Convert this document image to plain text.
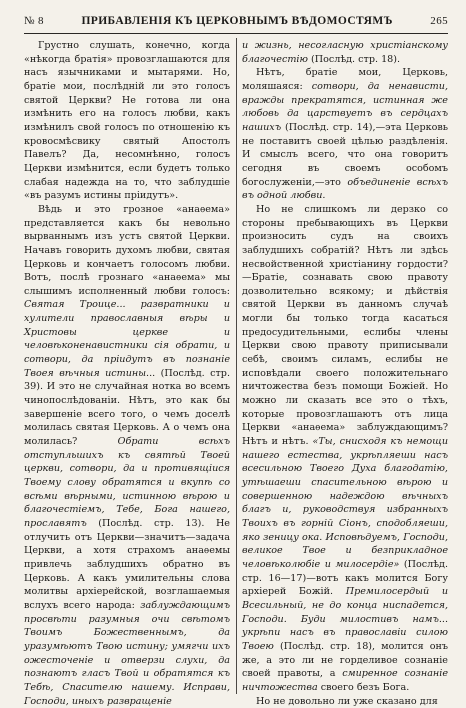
№ 8	ПРИБАВЛЕНІЯ КЪ ЦЕРКОВНЫМЪ ВѢДОМОСТЯМЪ	265

Грустно слушать, конечно, когда «нѣкогда братія» провозглашаются для насъ язычниками и мытарями. Но, братіе мои, послѣдній ли это голосъ святой Церкви? Не готова ли она измѣнить его на голосъ любви, какъ измѣнилъ свой голосъ по отношенію къ кровосмѣсвику святый Апостолъ Павелъ? Да, несомнѣнно, голосъ Церкви измѣнится, если будетъ только слабая надежда на то, что заблудшіе «въ разумъ истины пріидутъ».

Вѣдь и это грозное «анаѳема» представляется какъ бы невольно вырваннымъ изъ устъ святой Церкви. Начавъ говорить духомъ любви, святая Церковь и кончаетъ голосомъ любви. Вотъ, послѣ грознаго «анаѳема» мы слышимъ исполненный любви голосъ: Святая Троице... развратники и хулители православныя вѣры и Христовы церкве и человѣконенавистники сія обрати, и сотвори, да пріидутъ въ познаніе Твоея вѣчныя истины... (Послѣд. стр. 39). И это не случайная нотка во всемъ чинопослѣдованіи. Нѣтъ, это как бы завершеніе всего того, о чемъ доселѣ молилась святая Церковь. А о чемъ она молилась? Обрати всѣхъ отступльшихъ къ святѣй Твоей церкви, сотвори, да и противящіися Твоему слову обратятся и вкупѣ со всѣми вѣрными, истинною вѣрою и благочестіемъ, Тебе, Бога нашего, прославятъ (Послѣд. стр. 13). Не отлучить отъ Церкви—значитъ—задача Церкви, а хотя страхомъ анаѳемы привлечь заблудшихъ обратно въ Церковь. А какъ умилительны слова молитвы архіерейской, возглашаемыя вслухъ всего народа: заблуждающимъ просвѣти разумныя очи свѣтомъ Твоимъ Божественнымъ, да уразумѣютъ Твою истину; умягчи ихъ ожесточеніе и отверзи слухи, да познаютъ гласъ Твой и обратятся къ Тебѣ, Спасителю нашему. Исправи, Господи, иныхъ развращеніе

и жизнь, несогласную христіанскому благочестію (Послѣд. стр. 18).

Нѣтъ, братіе мои, Церковь, моляшаяся: сотвори, да ненависти, вражды прекратятся, истинная же любовь да царствуетъ въ сердцахъ нашихъ (Послѣд. стр. 14),—эта Церковь не поставитъ своей цѣлью раздѣленія. И смыслъ всего, что она говоритъ сегодня въ своемъ особомъ богослуженіи,—это объединеніе всѣхъ въ одной любви.

Но не слишкомъ ли дерзко со стороны пребывающихъ въ Церкви произносить судъ на своихъ заблудшихъ собратій? Нѣтъ ли здѣсь несвойственной христіанину гордости?—Братіе, сознавать свою правоту дозволительно всякому; и дѣйствія святой Церкви въ данномъ случаѣ могли бы только тогда касаться предосудительными, еслибы члены Церкви свою правоту приписывали себѣ, своимъ силамъ, еслибы не исповѣдали своего положительнаго ничтожества безъ помощи Божіей. Но можно ли сказать все это о тѣхъ, которые провозглашаютъ отъ лица Церкви «анаѳема» заблуждающимъ? Нѣтъ и нѣтъ. «Ты, снисходя къ немощи нашего естества, укрѣпляеши насъ всесильною Твоего Духа благодатію, утѣшаеши спасительною вѣрою и совершенною надеждою вѣчныхъ благъ и, руководствуя избранныхъ Твоихъ въ горній Сіонъ, сподобляеши, яко зеницу ока. Исповѣдуемъ, Господи, великое Твое и безприкладное человѣколюбіе и милосердіе» (Послѣд. стр. 16—17)—вотъ какъ молится Богу архіерей Божій. Премилосердый и Всесильный, не до конца ниспадется, Господи. Буди милостивъ намъ... укрѣпи насъ въ православіи силою Твоею (Послѣд. стр. 18), молится онъ же, а это ли не горделивое сознаніе своей правоты, а смиренное сознаніе ничтожества своего безъ Бога.

Но не довольно ли уже сказано для
